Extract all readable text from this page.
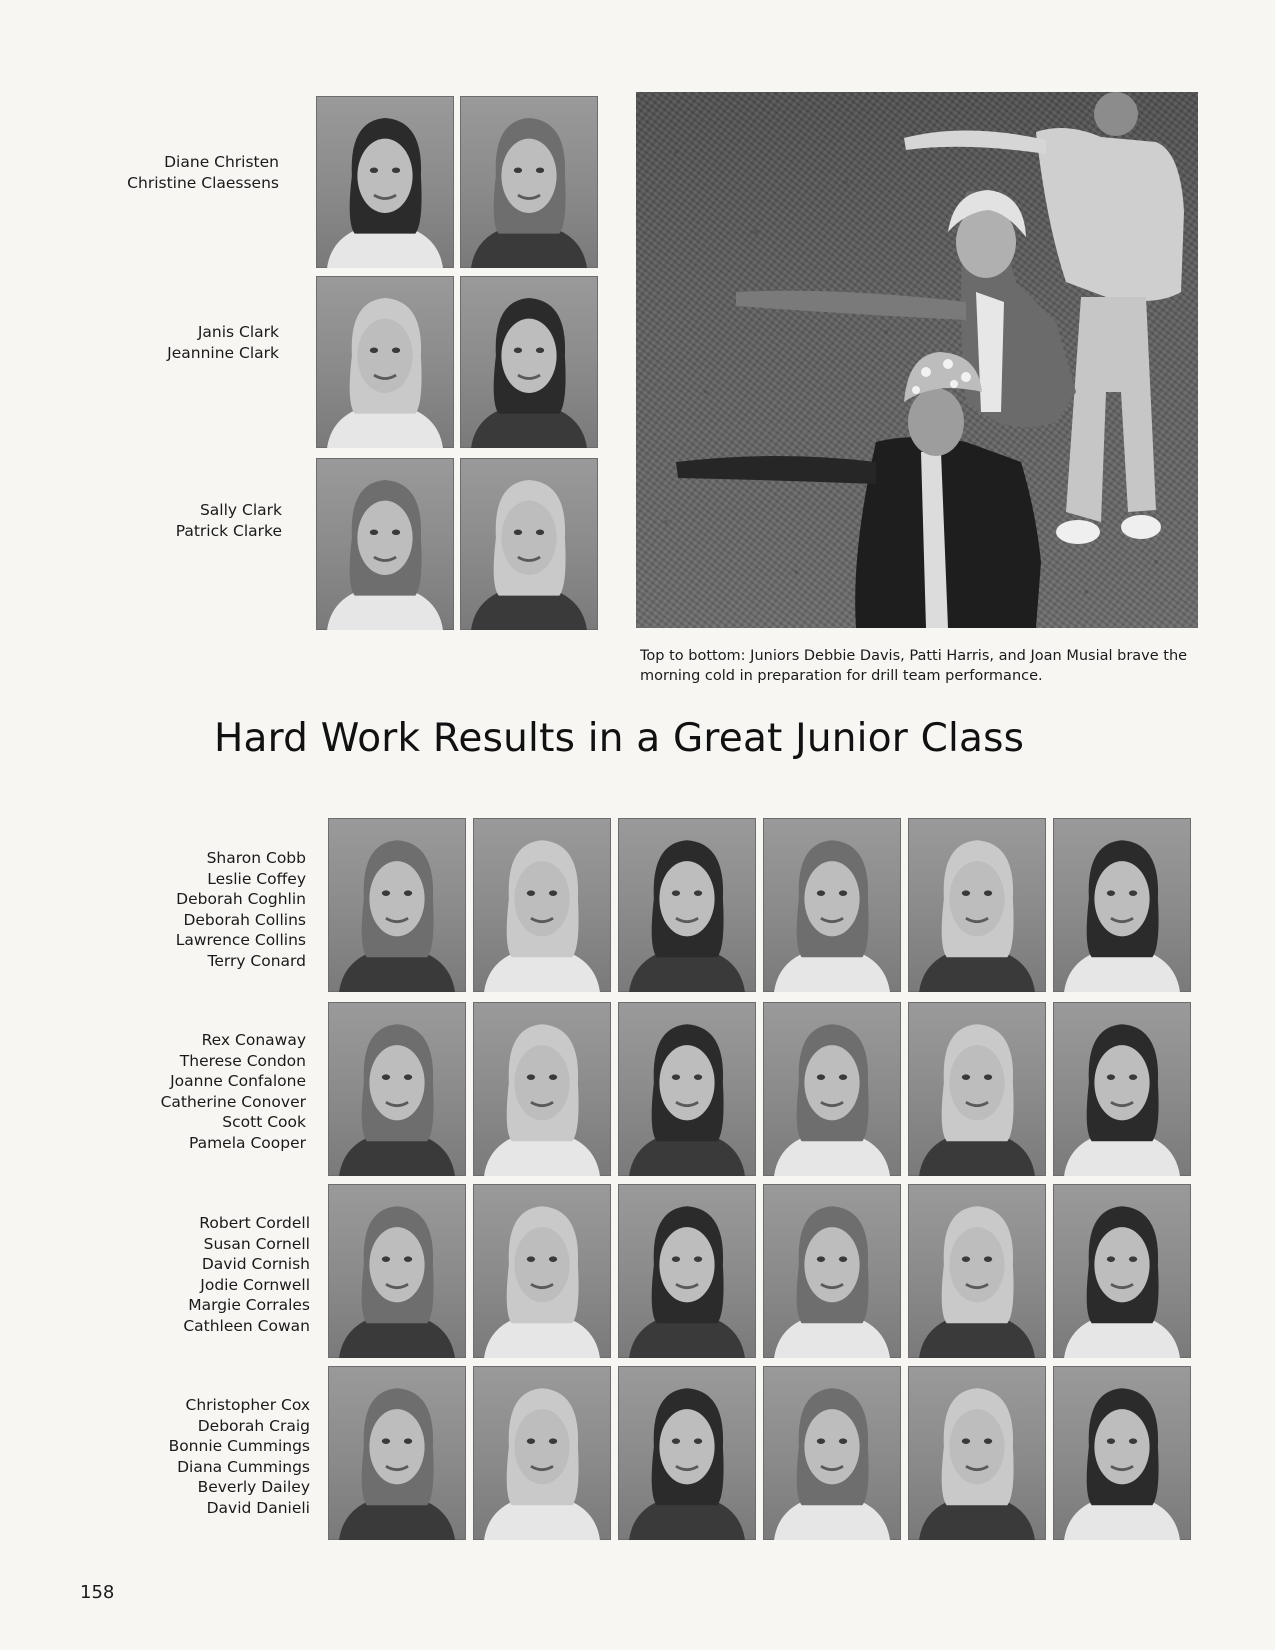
Diane Christen
Christine Claessens
Janis Clark
Jeannine Clark
Sally Clark
Patrick Clarke
Top to bottom: Juniors Debbie Davis, Patti Harris, and Joan Musial brave the morning cold in preparation for drill team performance.
Hard Work Results in a Great Junior Class
Sharon Cobb
Leslie Coffey
Deborah Coghlin
Deborah Collins
Lawrence Collins
Terry Conard
Rex Conaway
Therese Condon
Joanne Confalone
Catherine Conover
Scott Cook
Pamela Cooper
Robert Cordell
Susan Cornell
David Cornish
Jodie Cornwell
Margie Corrales
Cathleen Cowan
Christopher Cox
Deborah Craig
Bonnie Cummings
Diana Cummings
Beverly Dailey
David Danieli
158
